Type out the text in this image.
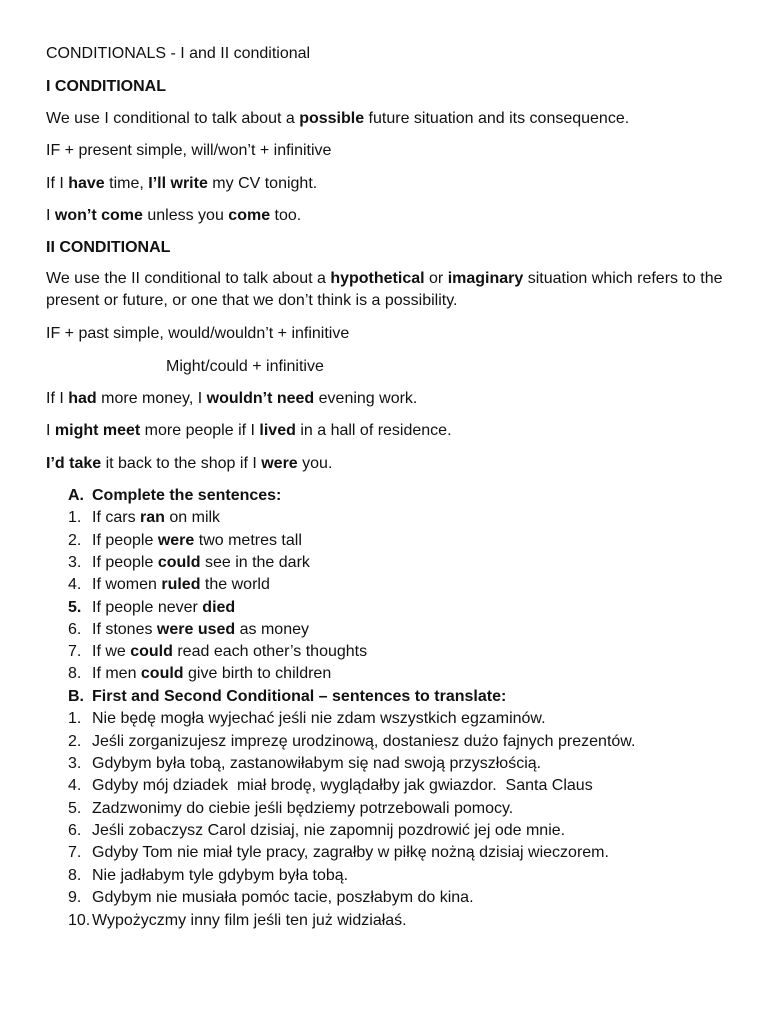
CONDITIONALS - I and II conditional
I CONDITIONAL
We use I conditional to talk about a possible future situation and its consequence.
IF + present simple, will/won’t + infinitive
If I have time, I’ll write my CV tonight.
I won’t come unless you come too.
II CONDITIONAL
We use the II conditional to talk about a hypothetical or imaginary situation which refers to the present or future, or one that we don’t think is a possibility.
IF + past simple, would/wouldn’t + infinitive
Might/could + infinitive
If I had more money, I wouldn’t need evening work.
I might meet more people if I lived in a hall of residence.
I’d take it back to the shop if I were you.
A. Complete the sentences:
1. If cars ran on milk
2. If people were two metres tall
3. If people could see in the dark
4. If women ruled the world
5. If people never died
6. If stones were used as money
7. If we could read each other’s thoughts
8. If men could give birth to children
B. First and Second Conditional – sentences to translate:
1. Nie będę mogła wyjechać jeśli nie zdam wszystkich egzaminów.
2. Jeśli zorganizujesz imprezę urodzinową, dostaniesz dużo fajnych prezentów.
3. Gdybym była tobą, zastanowiłabym się nad swoją przyszłością.
4. Gdyby mój dziadek  miał brodę, wyglądałby jak gwiazdor.  Santa Claus
5. Zadzwonimy do ciebie jeśli będziemy potrzebowali pomocy.
6. Jeśli zobaczysz Carol dzisiaj, nie zapomnij pozdrowić jej ode mnie.
7. Gdyby Tom nie miał tyle pracy, zagrałby w piłkę nożną dzisiaj wieczorem.
8. Nie jadłabym tyle gdybym była tobą.
9. Gdybym nie musiała pomóc tacie, poszłabym do kina.
10. Wypożyczmy inny film jeśli ten już widziałaś.
